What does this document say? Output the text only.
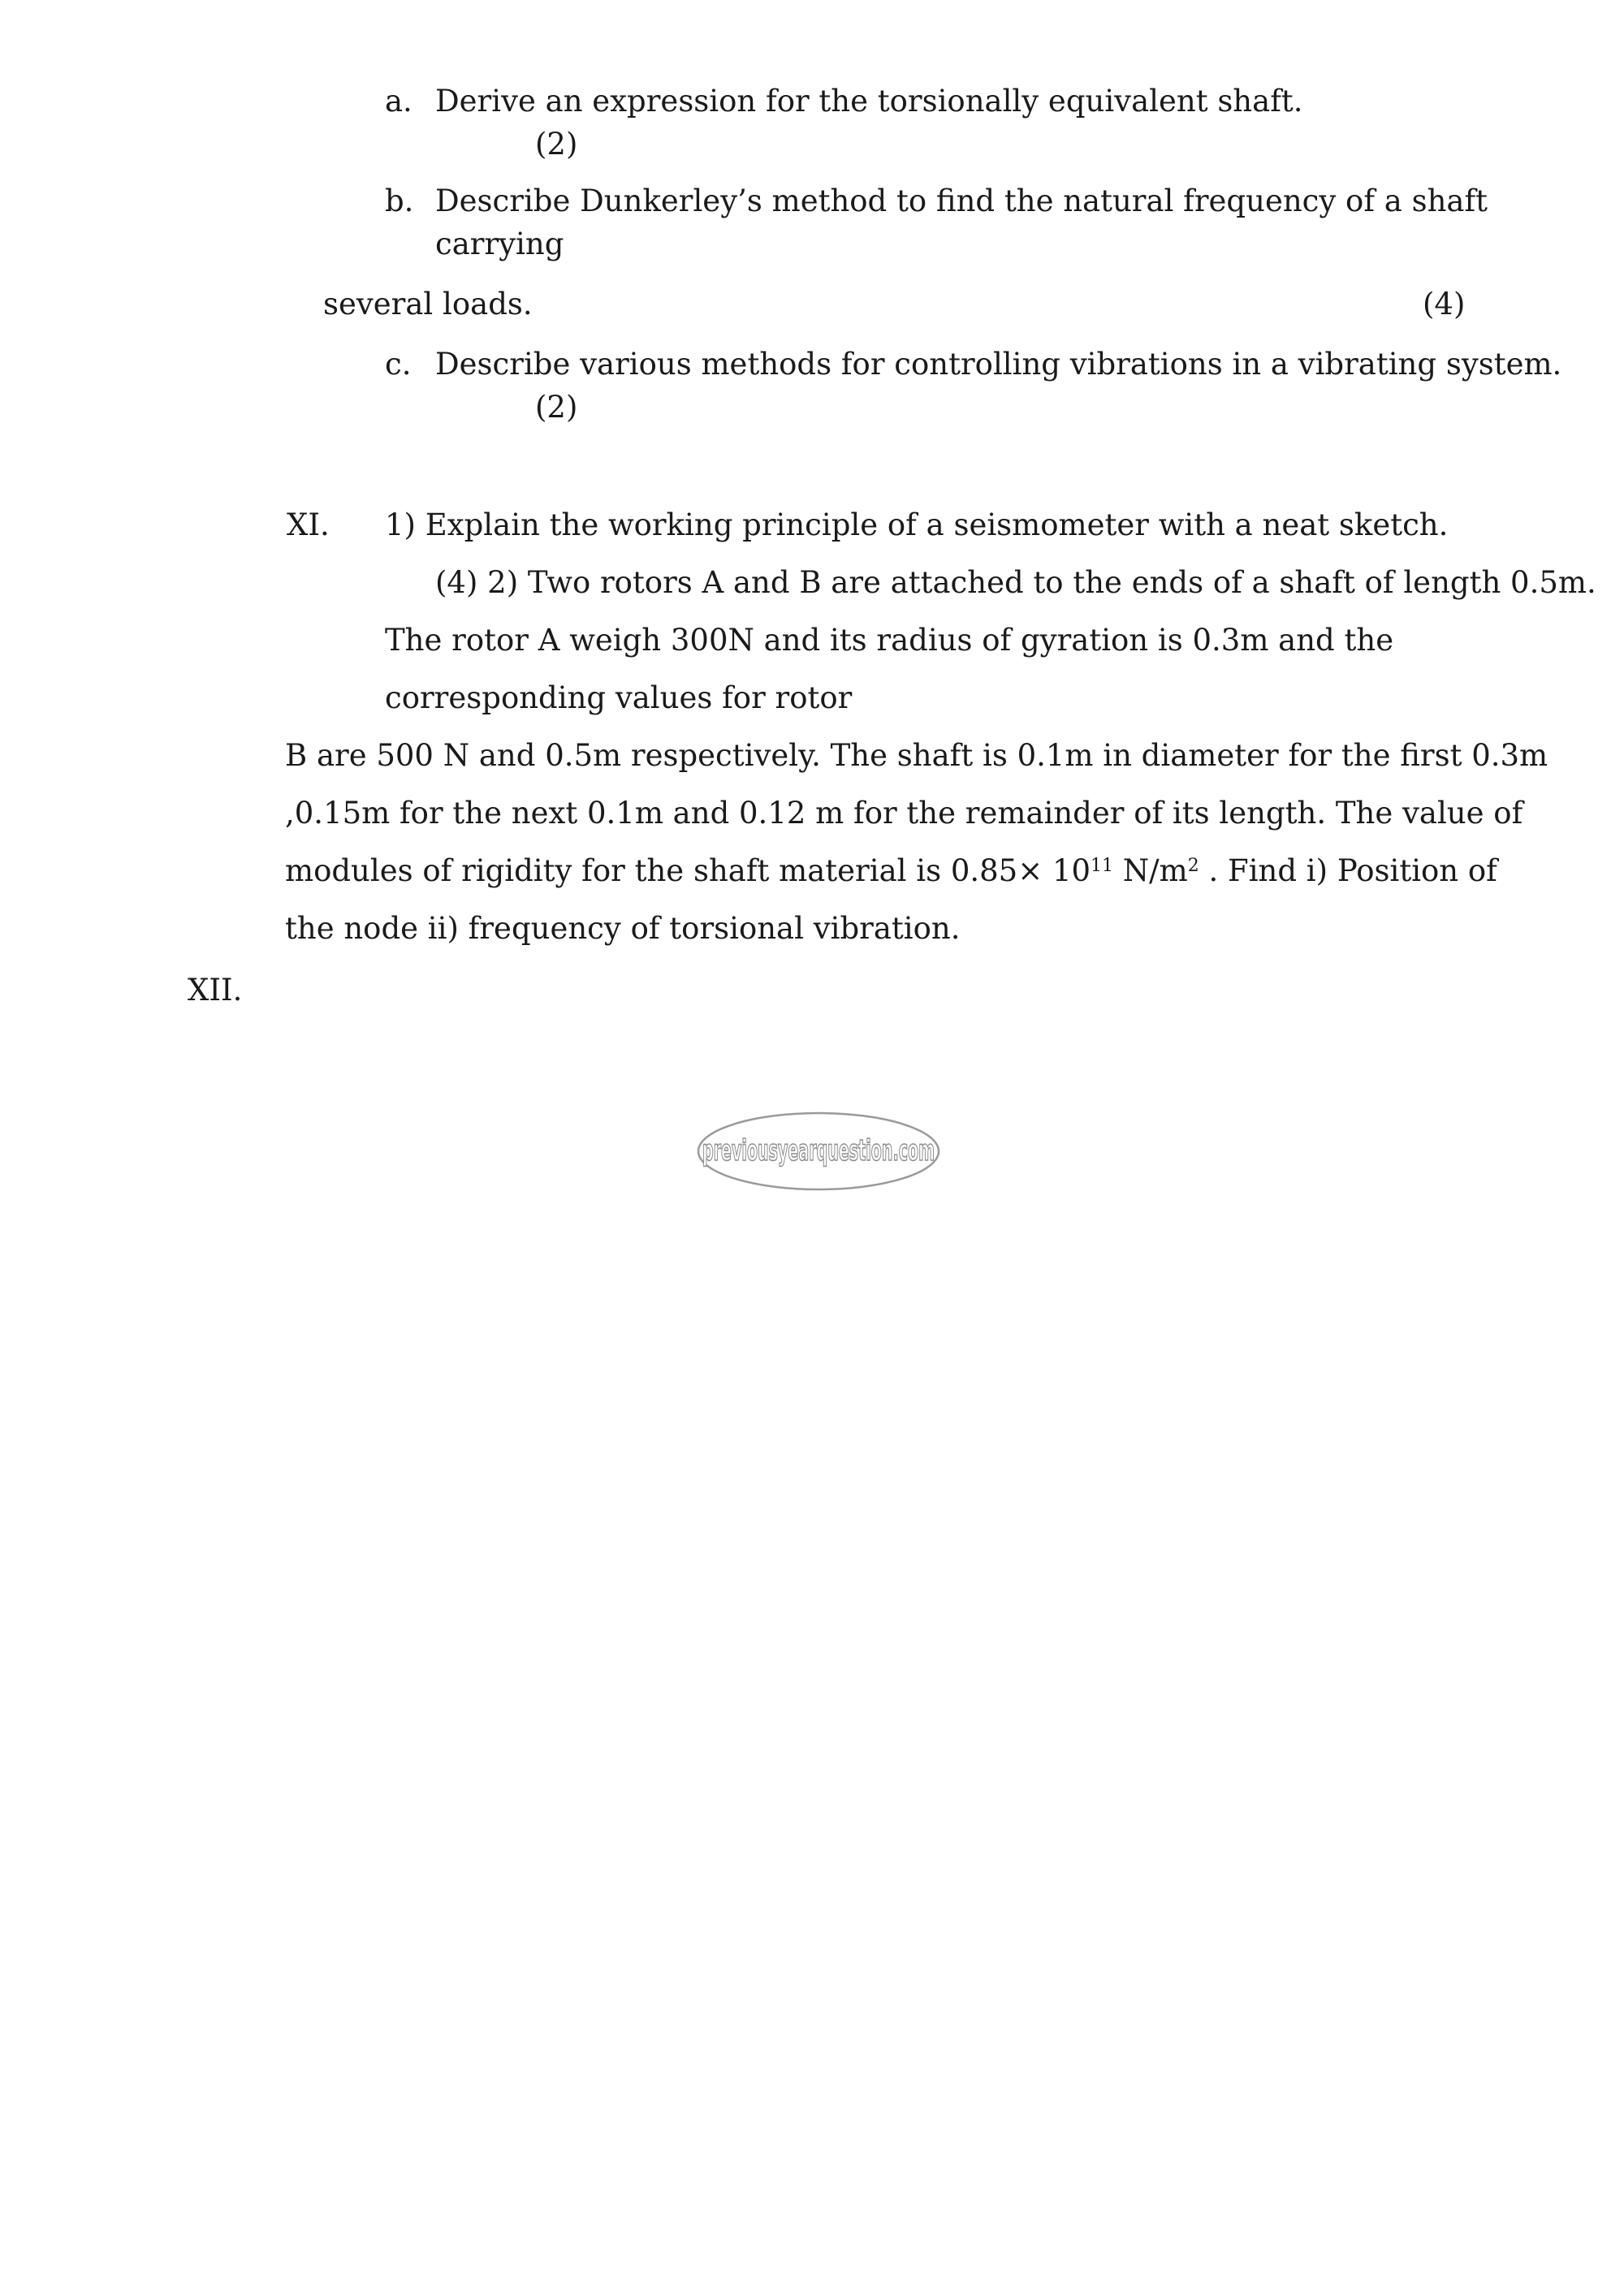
a. Derive an expression for the torsionally equivalent shaft.
(2)
b. Describe Dunkerley’s method to find the natural frequency of a shaft
carrying
several loads.	(4)
c. Describe various methods for controlling vibrations in a vibrating system.
(2)
XI. 1) Explain the working principle of a seismometer with a neat sketch.
(4) 2) Two rotors A and B are attached to the ends of a shaft of length 0.5m.
The rotor A weigh 300N and its radius of gyration is 0.3m and the
corresponding values for rotor
B are 500 N and 0.5m respectively. The shaft is 0.1m in diameter for the first 0.3m
,0.15m for the next 0.1m and 0.12 m for the remainder of its length. The value of
modules of rigidity for the shaft material is $0.85\times 10^{11}$ $N/m^2$ . Find i) Position of
the node ii) frequency of torsional vibration.
XII.
previousyearquestion.com
